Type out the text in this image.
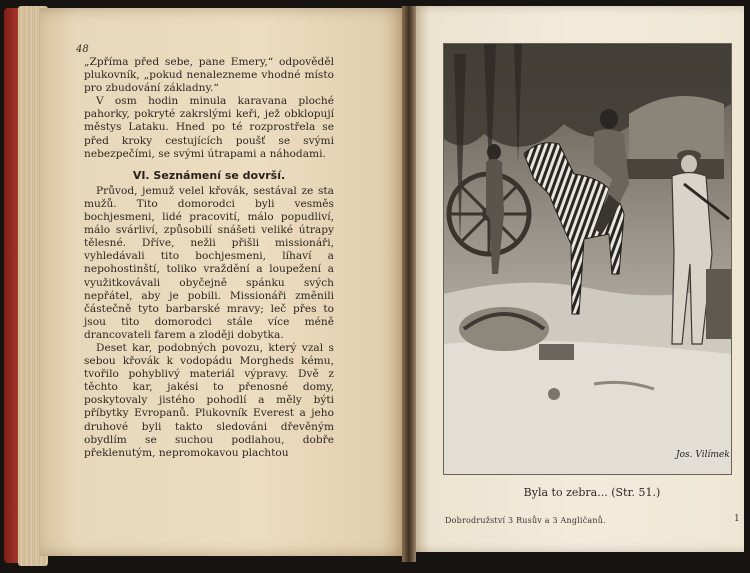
48

„Zpříma před sebe, pane Emery,“ odpověděl plukovník, „pokud nenalezneme vhodné místo pro zbudování základny.“

V osm hodin minula karavana ploché pahorky, pokryté zakrslými keři, jež obklopují městys Lataku. Hned po té rozprostřela se před kroky cestujících poušť se svými nebezpečími, se svými útrapami a náhodami.

VI. Seznámení se dovrší.

Průvod, jemuž velel křovák, sestával ze sta mužů. Tito domorodci byli vesměs bochjesmeni, lidé pracovití, málo popudliví, málo svárliví, způsobilí snášeti veliké útrapy tělesné. Dříve, nežli přišli missionáři, vyhledávali tito bochjesmeni, líhaví a nepohostinští, toliko vraždění a loupežení a využitkovávali obyčejně spánku svých nepřátel, aby je pobili. Missionáři změnili částečně tyto barbarské mravy; leč přes to jsou tito domorodci stále více méně drancovateli farem a zloději dobytka.

Deset kar, podobných povozu, který vzal s sebou křovák k vodopádu Morgheds kému, tvořilo pohyblivý materiál výpravy. Dvě z těchto kar, jakési to přenosné domy, poskytovaly jistého pohodlí a měly býti příbytky Evropanů. Plukovník Everest a jeho druhové byli takto sledováni dřevěným obydlím se suchou podlahou, dobře překlenutým, nepromokavou plachtou	Jos. Vilímek
Byla to zebra... (Str. 51.)
Dobrodružství 3 Rusův a 3 Angličanů.	1
